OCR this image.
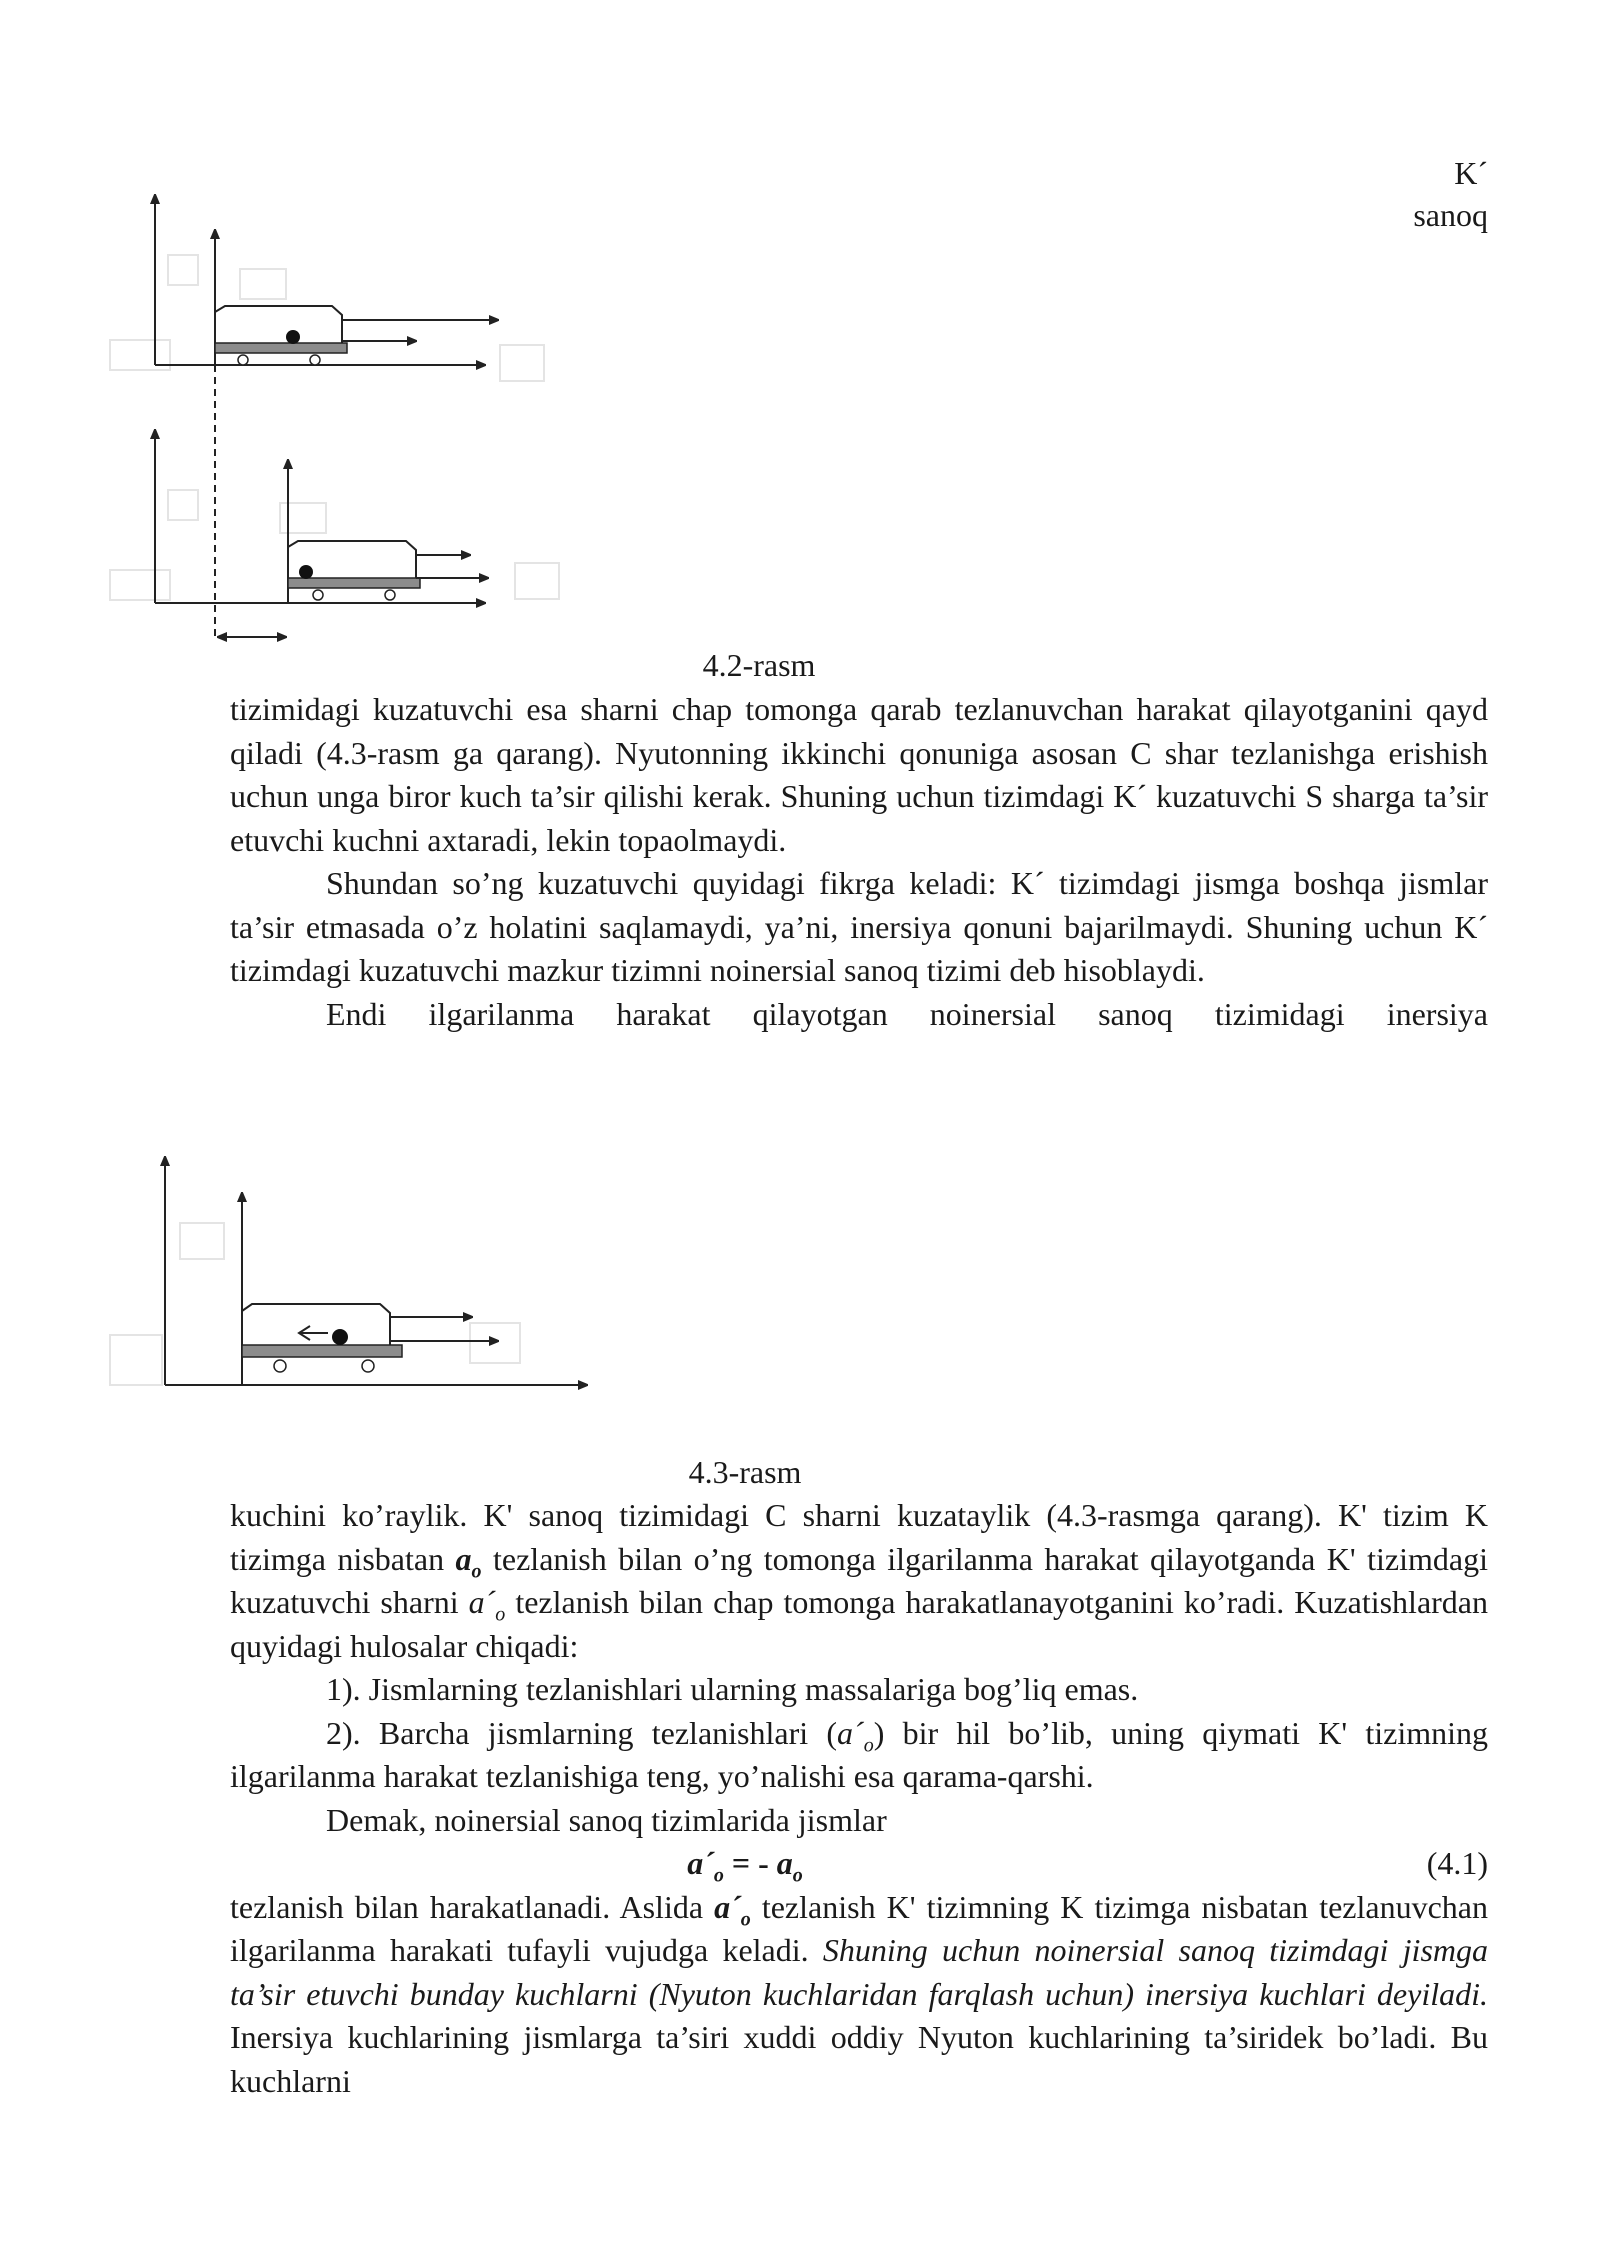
K´
sanoq
4.2-rasm

tizimidagi kuzatuvchi esa sharni chap tomonga qarab tezlanuvchan harakat qilayotganini qayd qiladi (4.3-rasm ga qarang). Nyutonning ikkinchi qonuniga asosan C shar tezlanishga erishish uchun unga biror kuch ta’sir qilishi kerak. Shuning uchun tizimdagi K´ kuzatuvchi S sharga ta’sir etuvchi kuchni axtaradi, lekin topaolmaydi.

Shundan so’ng kuzatuvchi quyidagi fikrga keladi: K´ tizimdagi jismga boshqa jismlar ta’sir etmasada o’z holatini saqlamaydi, ya’ni, inersiya qonuni bajarilmaydi. Shuning uchun K´ tizimdagi kuzatuvchi mazkur tizimni noinersial sanoq tizimi deb hisoblaydi.

Endi ilgarilanma harakat qilayotgan noinersial sanoq tizimidagi inersiya

4.3-rasm

kuchini ko’raylik. K' sanoq tizimidagi C sharni kuzataylik (4.3-rasmga qarang). K' tizim K tizimga nisbatan $a_o$ tezlanish bilan o’ng tomonga ilgarilanma harakat qilayotganda K' tizimdagi kuzatuvchi sharni $a´_o$ tezlanish bilan chap tomonga harakatlanayotganini ko’radi. Kuzatishlardan quyidagi hulosalar chiqadi:

1). Jismlarning tezlanishlari ularning massalariga bog’liq emas.

2). Barcha jismlarning tezlanishlari $(a´_o)$ bir hil bo’lib, uning qiymati K' tizimning ilgarilanma harakat tezlanishiga teng, yo’nalishi esa qarama-qarshi.

Demak, noinersial sanoq tizimlarida jismlar

$a´_o$ = - $a_o$	(4.1)

tezlanish bilan harakatlanadi. Aslida $a´_o$ tezlanish K' tizimning K tizimga nisbatan tezlanuvchan ilgarilanma harakati tufayli vujudga keladi. Shuning uchun noinersial sanoq tizimdagi jismga ta’sir etuvchi bunday kuchlarni (Nyuton kuchlaridan farqlash uchun) inersiya kuchlari deyiladi. Inersiya kuchlarining jismlarga ta’siri xuddi oddiy Nyuton kuchlarining ta’siridek bo’ladi. Bu kuchlarni
